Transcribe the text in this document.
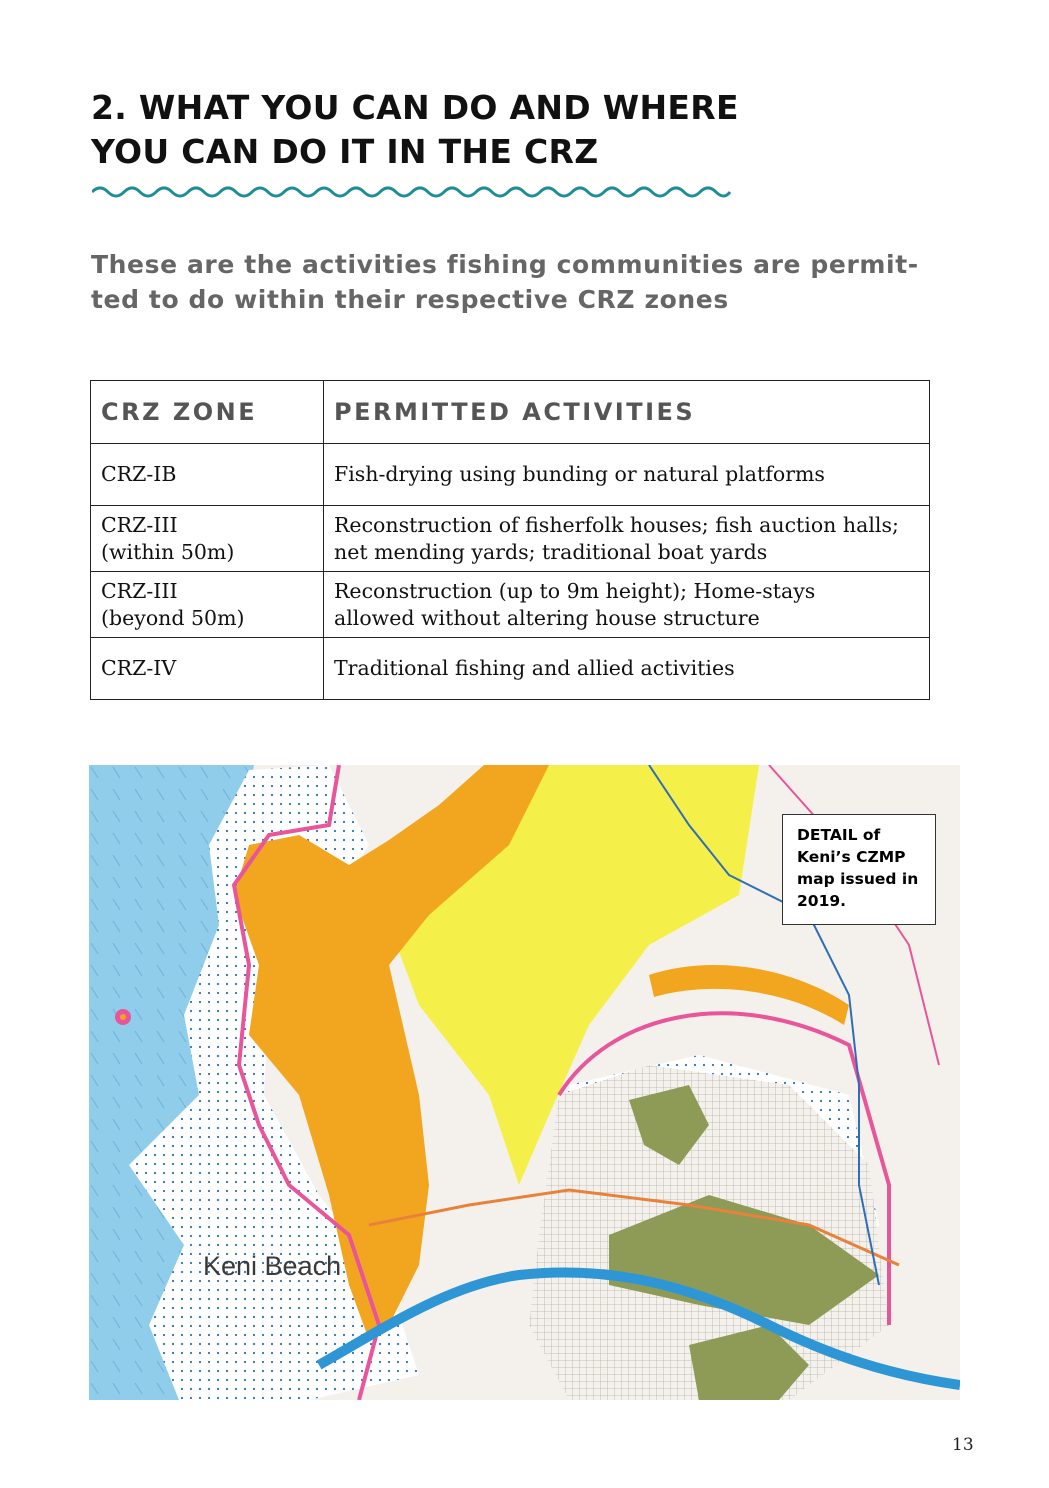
2. WHAT YOU CAN DO AND WHERE
YOU CAN DO IT IN THE CRZ

These are the activities fishing communities are permit-
ted to do within their respective CRZ zones

CRZ ZONE	PERMITTED ACTIVITIES

CRZ-IB	Fish-drying using bunding or natural platforms

CRZ-III
(within 50m)	Reconstruction of fisherfolk houses; fish auction halls;
net mending yards; traditional boat yards

CRZ-III
(beyond 50m)	Reconstruction (up to 9m height); Home-stays
allowed without altering house structure

CRZ-IV	Traditional fishing and allied activities
DETAIL of
Keni’s CZMP
map issued in
2019.
Keni Beach
13
